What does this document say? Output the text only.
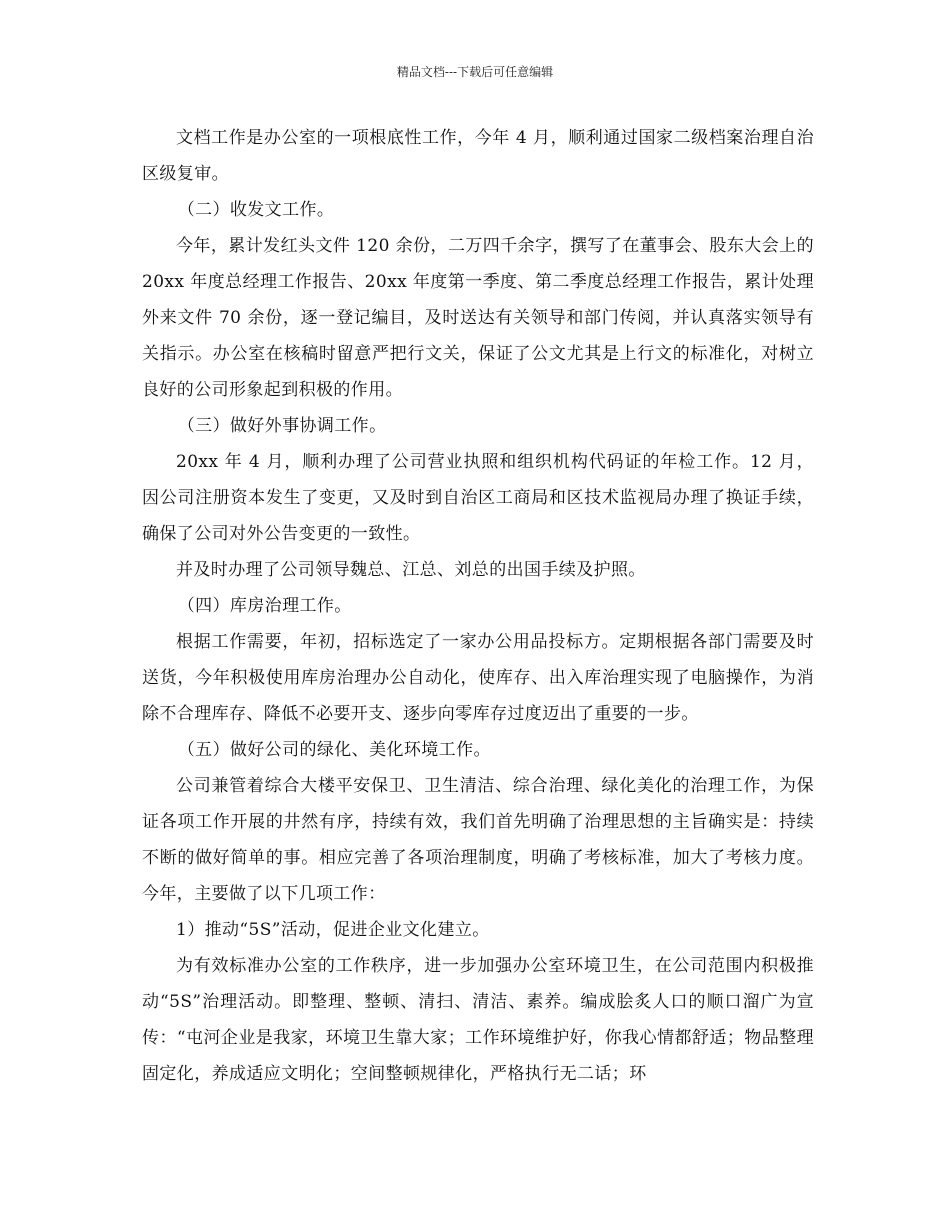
精品文档---下载后可任意编辑

文档工作是办公室的一项根底性工作，今年 4 月，顺利通过国家二级档案治理自治区级复审。

（二）收发文工作。

今年，累计发红头文件 120 余份，二万四千余字，撰写了在董事会、股东大会上的 20xx 年度总经理工作报告、20xx 年度第一季度、第二季度总经理工作报告，累计处理外来文件 70 余份，逐一登记编目，及时送达有关领导和部门传阅，并认真落实领导有关指示。办公室在核稿时留意严把行文关，保证了公文尤其是上行文的标准化，对树立良好的公司形象起到积极的作用。

（三）做好外事协调工作。

20xx 年 4 月，顺利办理了公司营业执照和组织机构代码证的年检工作。12 月，因公司注册资本发生了变更，又及时到自治区工商局和区技术监视局办理了换证手续，确保了公司对外公告变更的一致性。

并及时办理了公司领导魏总、江总、刘总的出国手续及护照。

（四）库房治理工作。

根据工作需要，年初，招标选定了一家办公用品投标方。定期根据各部门需要及时送货，今年积极使用库房治理办公自动化，使库存、出入库治理实现了电脑操作，为消除不合理库存、降低不必要开支、逐步向零库存过度迈出了重要的一步。

（五）做好公司的绿化、美化环境工作。

公司兼管着综合大楼平安保卫、卫生清洁、综合治理、绿化美化的治理工作，为保证各项工作开展的井然有序，持续有效，我们首先明确了治理思想的主旨确实是：持续不断的做好简单的事。相应完善了各项治理制度，明确了考核标准，加大了考核力度。今年，主要做了以下几项工作：

1）推动“5S”活动，促进企业文化建立。

为有效标准办公室的工作秩序，进一步加强办公室环境卫生，在公司范围内积极推动“5S”治理活动。即整理、整顿、清扫、清洁、素养。编成脍炙人口的顺口溜广为宣传：“屯河企业是我家，环境卫生靠大家；工作环境维护好，你我心情都舒适；物品整理固定化，养成适应文明化；空间整顿规律化，严格执行无二话；环
